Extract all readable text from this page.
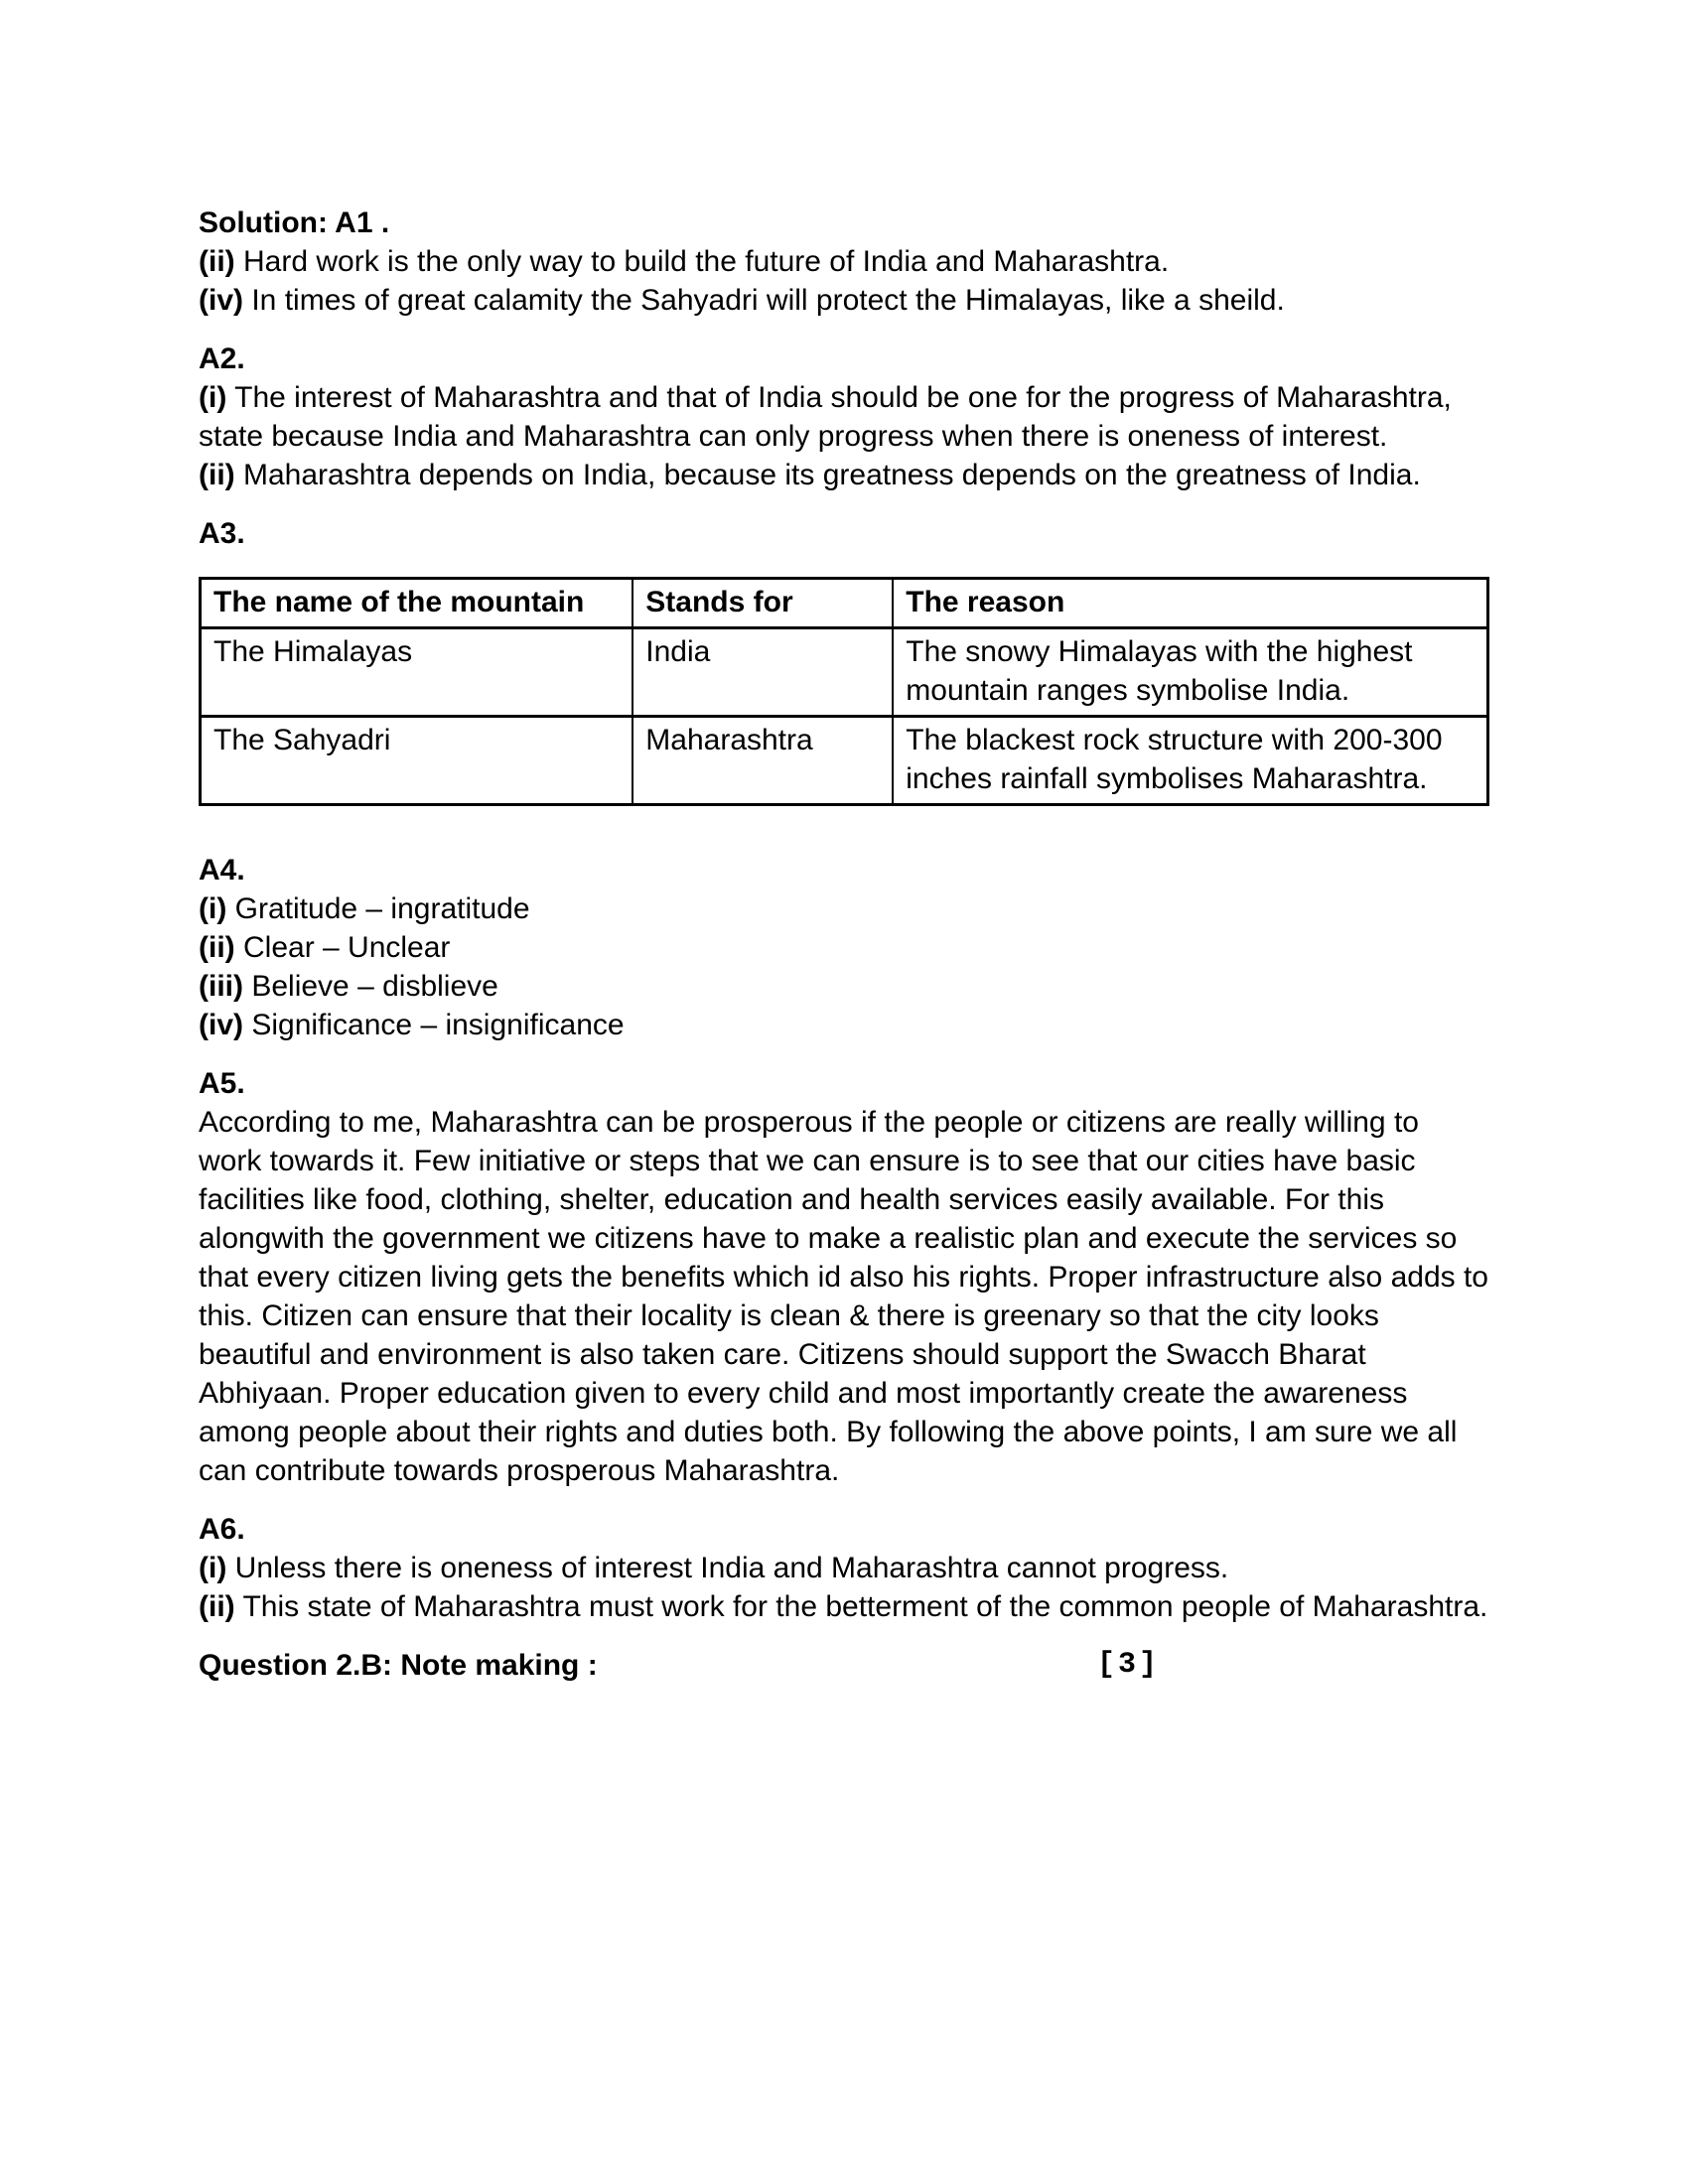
Solution: A1 .

(ii) Hard work is the only way to build the future of India and Maharashtra.

(iv) In times of great calamity the Sahyadri will protect the Himalayas, like a sheild.

A2.

(i) The interest of Maharashtra and that of India should be one for the progress of Maharashtra, state because India and Maharashtra can only progress when there is oneness of interest.

(ii) Maharashtra depends on India, because its greatness depends on the greatness of India.

A3.

The name of the mountain	Stands for	The reason
The Himalayas	India	The snowy Himalayas with the highest mountain ranges symbolise India.
The Sahyadri	Maharashtra	The blackest rock structure with 200-300 inches rainfall symbolises Maharashtra.

A4.

(i) Gratitude – ingratitude

(ii) Clear – Unclear

(iii) Believe – disblieve

(iv) Significance – insignificance

A5.

According to me, Maharashtra can be prosperous if the people or citizens are really willing to work towards it. Few initiative or steps that we can ensure is to see that our cities have basic facilities like food, clothing, shelter, education and health services easily available. For this alongwith the government we citizens have to make a realistic plan and execute the services so that every citizen living gets the benefits which id also his rights. Proper infrastructure also adds to this. Citizen can ensure that their locality is clean & there is greenary so that the city looks beautiful and environment is also taken care. Citizens should support the Swacch Bharat Abhiyaan. Proper education given to every child and most importantly create the awareness among people about their rights and duties both. By following the above points, I am sure we all can contribute towards prosperous Maharashtra.

A6.

(i) Unless there is oneness of interest India and Maharashtra cannot progress.

(ii) This state of Maharashtra must work for the betterment of the common people of Maharashtra.

Question 2.B: Note making :	[3]
